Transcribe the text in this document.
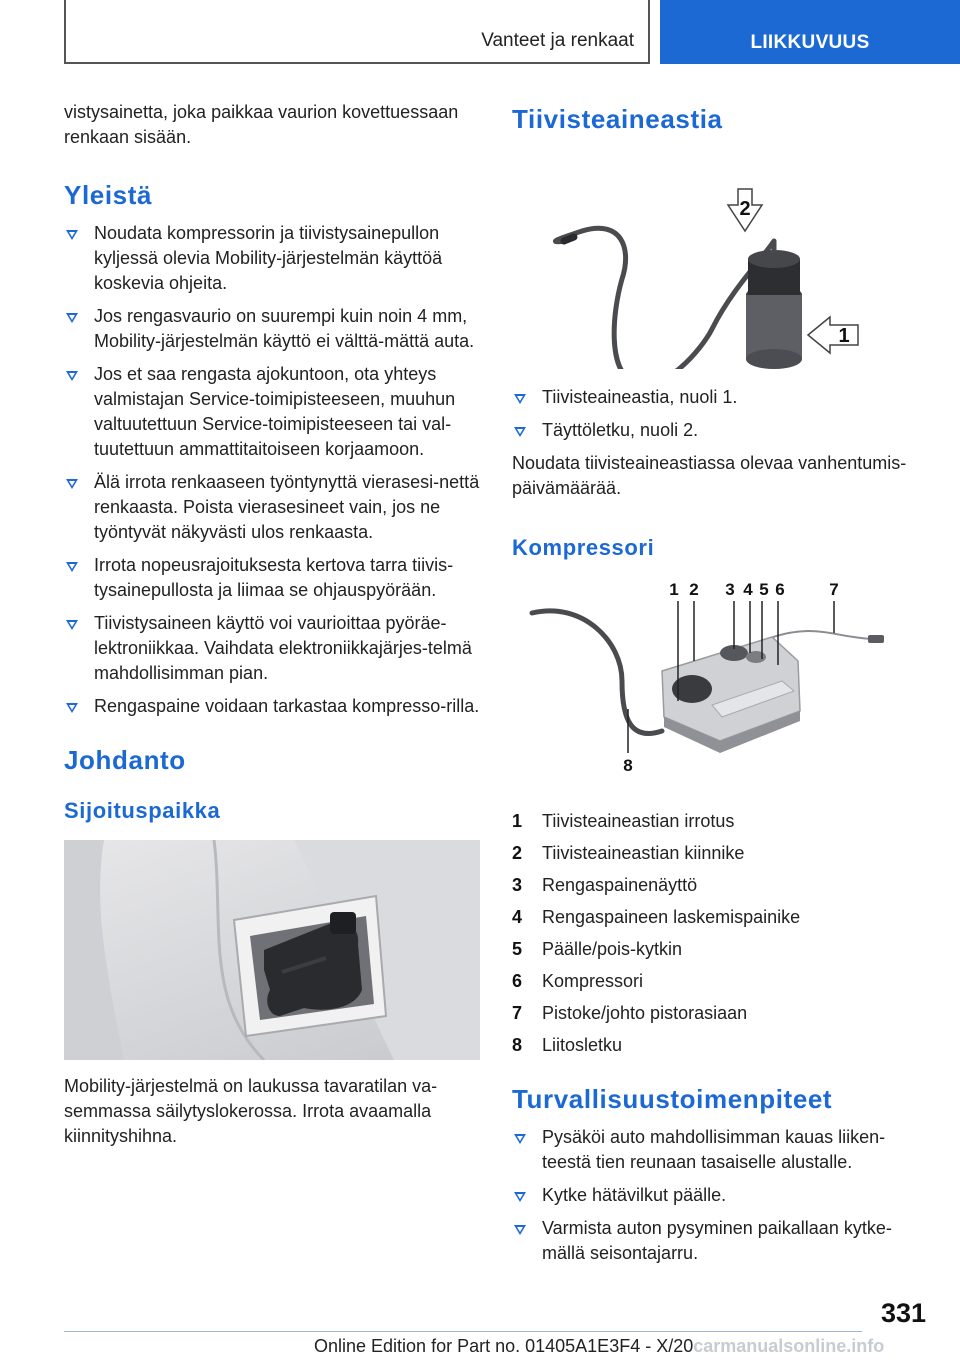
Vanteet ja renkaat	LIIKKUVUUS

vistysainetta, joka paikkaa vaurion kovettuessaan renkaan sisään.

Yleistä
Noudata kompressorin ja tiivistysainepullon kyljessä olevia Mobility-järjestelmän käyttöä koskevia ohjeita.
Jos rengasvaurio on suurempi kuin noin 4 mm, Mobility-järjestelmän käyttö ei välttä‐mättä auta.
Jos et saa rengasta ajokuntoon, ota yhteys valmistajan Service-toimipisteeseen, muuhun valtuutettuun Service-toimipisteeseen tai val‐tuutettuun ammattitaitoiseen korjaamoon.
Älä irrota renkaaseen työntynyttä vierasesi‐nettä renkaasta. Poista vierasesineet vain, jos ne työntyvät näkyvästi ulos renkaasta.
Irrota nopeusrajoituksesta kertova tarra tiivis‐tysainepullosta ja liimaa se ohjauspyörään.
Tiivistysaineen käyttö voi vaurioittaa pyöräe‐lektroniikkaa. Vaihdata elektroniikkajärjes‐telmä mahdollisimman pian.
Rengaspaine voidaan tarkastaa kompresso‐rilla.
Johdanto
Sijoituspaikka

Mobility-järjestelmä on laukussa tavaratilan va‐semmassa säilytyslokerossa. Irrota avaamalla kiinnityshihna.

Tiivisteaineastia
2
1
Tiivisteaineastia, nuoli 1.
Täyttöletku, nuoli 2.

Noudata tiivisteaineastiassa olevaa vanhentumis‐päivämäärää.

Kompressori
1 2 3 4 5 6	7
8
1	Tiivisteaineastian irrotus
2	Tiivisteaineastian kiinnike
3	Rengaspainenäyttö
4	Rengaspaineen laskemispainike
5	Päälle/pois-kytkin
6	Kompressori
7	Pistoke/johto pistorasiaan
8	Liitosletku
Turvallisuustoimenpiteet
Pysäköi auto mahdollisimman kauas liiken‐teestä tien reunaan tasaiselle alustalle.
Kytke hätävilkut päälle.
Varmista auton pysyminen paikallaan kytke‐mällä seisontajarru.
331
Online Edition for Part no. 01405A1E3F4 - X/20carmanualsonline.info
